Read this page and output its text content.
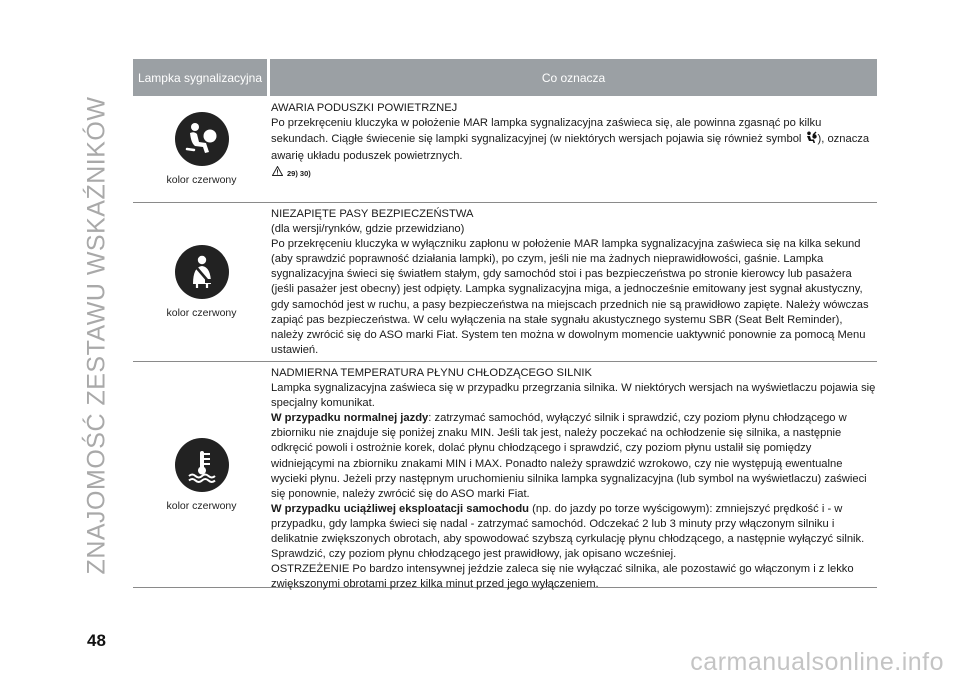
ZNAJOMOŚĆ ZESTAWU WSKAŹNIKÓW
Lampka sygnalizacyjna	Co oznacza
kolor czerwony

AWARIA PODUSZKI POWIETRZNEJ

Po przekręceniu kluczyka w położenie MAR lampka sygnalizacyjna zaświeca się, ale powinna zgasnąć po kilku sekundach. Ciągłe świecenie się lampki sygnalizacyjnej (w niektórych wersjach pojawia się również symbol ), oznacza awarię układu poduszek powietrznych.

29) 30)
kolor czerwony

NIEZAPIĘTE PASY BEZPIECZEŃSTWA

(dla wersji/rynków, gdzie przewidziano)

Po przekręceniu kluczyka w wyłączniku zapłonu w położenie MAR lampka sygnalizacyjna zaświeca się na kilka sekund (aby sprawdzić poprawność działania lampki), po czym, jeśli nie ma żadnych nieprawidłowości, gaśnie. Lampka sygnalizacyjna świeci się światłem stałym, gdy samochód stoi i pas bezpieczeństwa po stronie kierowcy lub pasażera (jeśli pasażer jest obecny) jest odpięty. Lampka sygnalizacyjna miga, a jednocześnie emitowany jest sygnał akustyczny, gdy samochód jest w ruchu, a pasy bezpieczeństwa na miejscach przednich nie są prawidłowo zapięte. Należy wówczas zapiąć pas bezpieczeństwa. W celu wyłączenia na stałe sygnału akustycznego systemu SBR (Seat Belt Reminder), należy zwrócić się do ASO marki Fiat. System ten można w dowolnym momencie uaktywnić ponownie za pomocą Menu ustawień.

kolor czerwony

NADMIERNA TEMPERATURA PŁYNU CHŁODZĄCEGO SILNIK

Lampka sygnalizacyjna zaświeca się w przypadku przegrzania silnika. W niektórych wersjach na wyświetlaczu pojawia się specjalny komunikat.

W przypadku normalnej jazdy: zatrzymać samochód, wyłączyć silnik i sprawdzić, czy poziom płynu chłodzącego w zbiorniku nie znajduje się poniżej znaku MIN. Jeśli tak jest, należy poczekać na ochłodzenie się silnika, a następnie odkręcić powoli i ostrożnie korek, dolać płynu chłodzącego i sprawdzić, czy poziom płynu ustalił się pomiędzy widniejącymi na zbiorniku znakami MIN i MAX. Ponadto należy sprawdzić wzrokowo, czy nie występują ewentualne wycieki płynu. Jeżeli przy następnym uruchomieniu silnika lampka sygnalizacyjna (lub symbol na wyświetlaczu) zaświeci się ponownie, należy zwrócić się do ASO marki Fiat.

W przypadku uciążliwej eksploatacji samochodu (np. do jazdy po torze wyścigowym): zmniejszyć prędkość i - w przypadku, gdy lampka świeci się nadal - zatrzymać samochód. Odczekać 2 lub 3 minuty przy włączonym silniku i delikatnie zwiększonych obrotach, aby spowodować szybszą cyrkulację płynu chłodzącego, a następnie wyłączyć silnik. Sprawdzić, czy poziom płynu chłodzącego jest prawidłowy, jak opisano wcześniej.

OSTRZEŻENIE Po bardzo intensywnej jeździe zaleca się nie wyłączać silnika, ale pozostawić go włączonym i z lekko zwiększonymi obrotami przez kilka minut przed jego wyłączeniem.

48
carmanualsonline.info
